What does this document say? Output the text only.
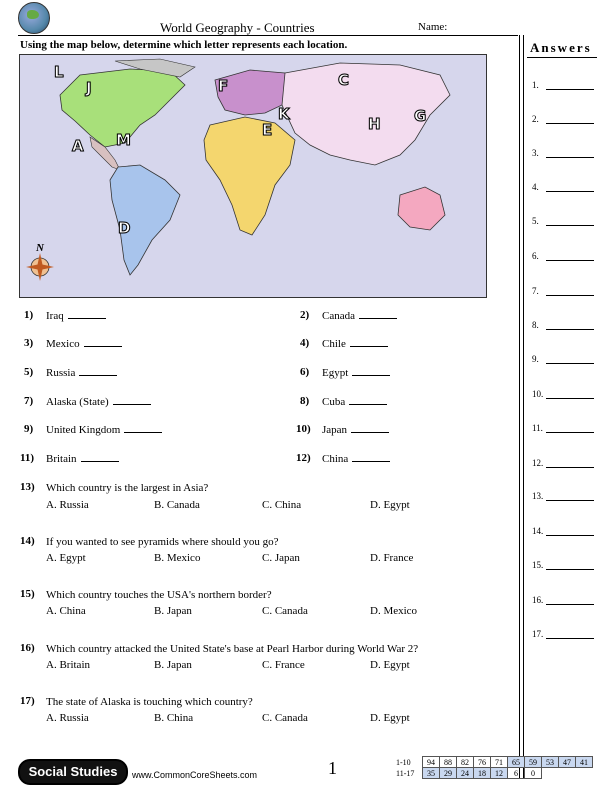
World Geography - Countries	Name:
Using the map below, determine which letter represents each location.	Answers
N
L
J	F	C
K
E	H G
A M
D
1) Iraq	2) Canada
3) Mexico	4) Chile
5) Russia	6) Egypt
7) Alaska (State)	8) Cuba
9) United Kingdom	10) Japan
11) Britain	12) China
13) Which country is the largest in Asia?
A. Russia	B. Canada	C. China	D. Egypt
14) If you wanted to see pyramids where should you go?
A. Egypt	B. Mexico	C. Japan	D. France
15) Which country touches the USA's northern border?
A. China	B. Japan	C. Canada	D. Mexico
16) Which country attacked the United State's base at Pearl Harbor during World War 2?
A. Britain	B. Japan	C. France	D. Egypt
17) The state of Alaska is touching which country?
A. Russia	B. China	C. Canada	D. Egypt
1.
2.
3.
4.
5.
6.
7.
8.
9.
10.
11.
12.
13.
14.
15.
16.
17.
Social Studies	www.CommonCoreSheets.com	1	1-10	94	88	82	76	71	65	59	53	47	41
11-17	35	29	24	18	12	6	0			
